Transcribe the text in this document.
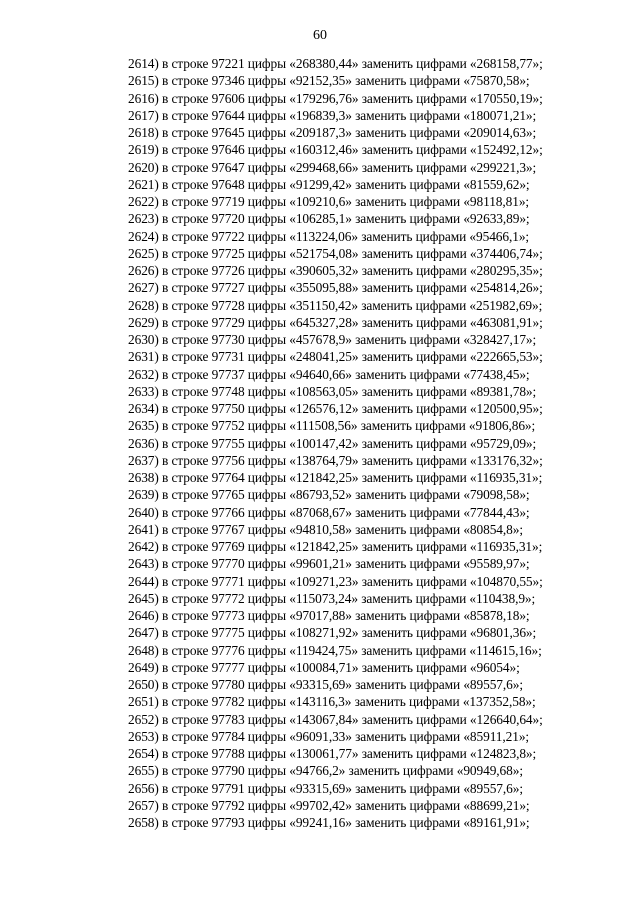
60
2614) в строке 97221 цифры «268380,44» заменить цифрами «268158,77»;
2615) в строке 97346 цифры «92152,35» заменить цифрами «75870,58»;
2616) в строке 97606 цифры «179296,76» заменить цифрами «170550,19»;
2617) в строке 97644 цифры «196839,3» заменить цифрами «180071,21»;
2618) в строке 97645 цифры «209187,3» заменить цифрами «209014,63»;
2619) в строке 97646 цифры «160312,46» заменить цифрами «152492,12»;
2620) в строке 97647 цифры «299468,66» заменить цифрами «299221,3»;
2621) в строке 97648 цифры «91299,42» заменить цифрами «81559,62»;
2622) в строке 97719 цифры «109210,6» заменить цифрами «98118,81»;
2623) в строке 97720 цифры «106285,1» заменить цифрами «92633,89»;
2624) в строке 97722 цифры «113224,06» заменить цифрами «95466,1»;
2625) в строке 97725 цифры «521754,08» заменить цифрами «374406,74»;
2626) в строке 97726 цифры «390605,32» заменить цифрами «280295,35»;
2627) в строке 97727 цифры «355095,88» заменить цифрами «254814,26»;
2628) в строке 97728 цифры «351150,42» заменить цифрами «251982,69»;
2629) в строке 97729 цифры «645327,28» заменить цифрами «463081,91»;
2630) в строке 97730 цифры «457678,9» заменить цифрами «328427,17»;
2631) в строке 97731 цифры «248041,25» заменить цифрами «222665,53»;
2632) в строке 97737 цифры «94640,66» заменить цифрами «77438,45»;
2633) в строке 97748 цифры «108563,05» заменить цифрами «89381,78»;
2634) в строке 97750 цифры «126576,12» заменить цифрами «120500,95»;
2635) в строке 97752 цифры «111508,56» заменить цифрами «91806,86»;
2636) в строке 97755 цифры «100147,42» заменить цифрами «95729,09»;
2637) в строке 97756 цифры «138764,79» заменить цифрами «133176,32»;
2638) в строке 97764 цифры «121842,25» заменить цифрами «116935,31»;
2639) в строке 97765 цифры «86793,52» заменить цифрами «79098,58»;
2640) в строке 97766 цифры «87068,67» заменить цифрами «77844,43»;
2641) в строке 97767 цифры «94810,58» заменить цифрами «80854,8»;
2642) в строке 97769 цифры «121842,25» заменить цифрами «116935,31»;
2643) в строке 97770 цифры «99601,21» заменить цифрами «95589,97»;
2644) в строке 97771 цифры «109271,23» заменить цифрами «104870,55»;
2645) в строке 97772 цифры «115073,24» заменить цифрами «110438,9»;
2646) в строке 97773 цифры «97017,88» заменить цифрами «85878,18»;
2647) в строке 97775 цифры «108271,92» заменить цифрами «96801,36»;
2648) в строке 97776 цифры «119424,75» заменить цифрами «114615,16»;
2649) в строке 97777 цифры «100084,71» заменить цифрами «96054»;
2650) в строке 97780 цифры «93315,69» заменить цифрами «89557,6»;
2651) в строке 97782 цифры «143116,3» заменить цифрами «137352,58»;
2652) в строке 97783 цифры «143067,84» заменить цифрами «126640,64»;
2653) в строке 97784 цифры «96091,33» заменить цифрами «85911,21»;
2654) в строке 97788 цифры «130061,77» заменить цифрами «124823,8»;
2655) в строке 97790 цифры «94766,2» заменить цифрами «90949,68»;
2656) в строке 97791 цифры «93315,69» заменить цифрами «89557,6»;
2657) в строке 97792 цифры «99702,42» заменить цифрами «88699,21»;
2658) в строке 97793 цифры «99241,16» заменить цифрами «89161,91»;
